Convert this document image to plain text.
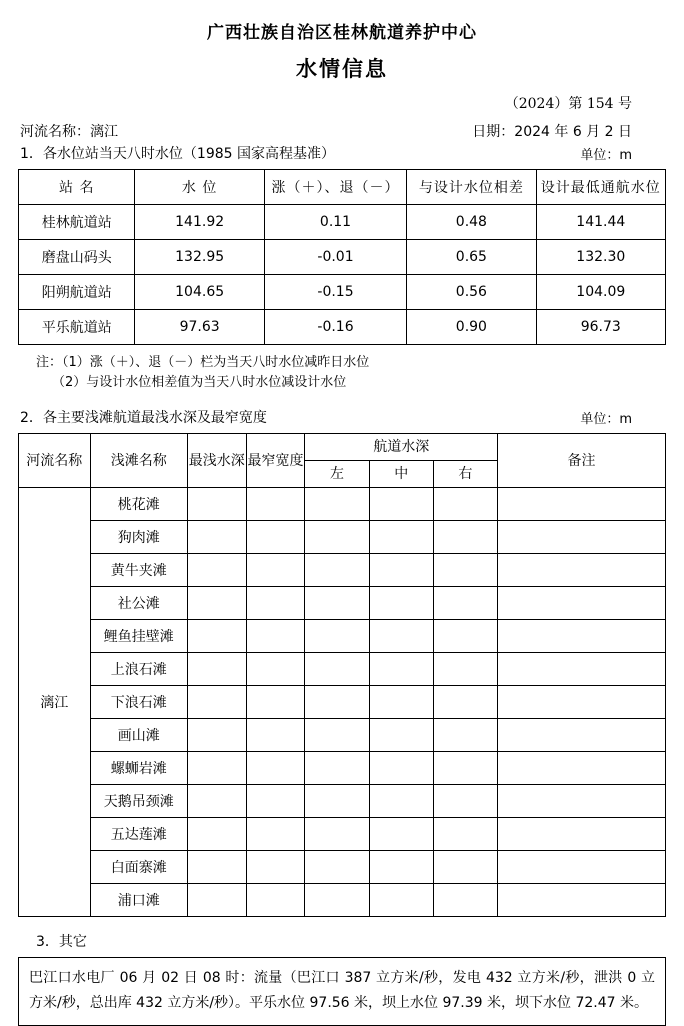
广西壮族自治区桂林航道养护中心
水情信息
（2024）第 154 号
河流名称：漓江	日期：2024 年 6 月 2 日
1．各水位站当天八时水位（1985 国家高程基准）	单位：m
站 名	水 位	涨（＋）、退（－）	与设计水位相差	设计最低通航水位
桂林航道站	141.92	0.11	0.48	141.44
磨盘山码头	132.95	-0.01	0.65	132.30
阳朔航道站	104.65	-0.15	0.56	104.09
平乐航道站	97.63	-0.16	0.90	96.73
注：（1）涨（＋）、退（－）栏为当天八时水位减昨日水位
（2）与设计水位相差值为当天八时水位减设计水位
2．各主要浅滩航道最浅水深及最窄宽度	单位：m
河流名称	浅滩名称	最浅水深	最窄宽度	航道水深			备注
				左	中	右	
漓江	桃花滩						
	狗肉滩						
	黄牛夹滩						
	社公滩						
	鲤鱼挂壁滩						
	上浪石滩						
	下浪石滩						
	画山滩						
	螺蛳岩滩						
	天鹅吊颈滩						
	五达莲滩						
	白面寨滩						
	浦口滩						
3．其它
巴江口水电厂 06 月 02 日 08 时：流量（巴江口 387 立方米/秒，发电 432 立方米/秒，泄洪 0 立方米/秒，总出库 432 立方米/秒）。平乐水位 97.56 米，坝上水位 97.39 米，坝下水位 72.47 米。
